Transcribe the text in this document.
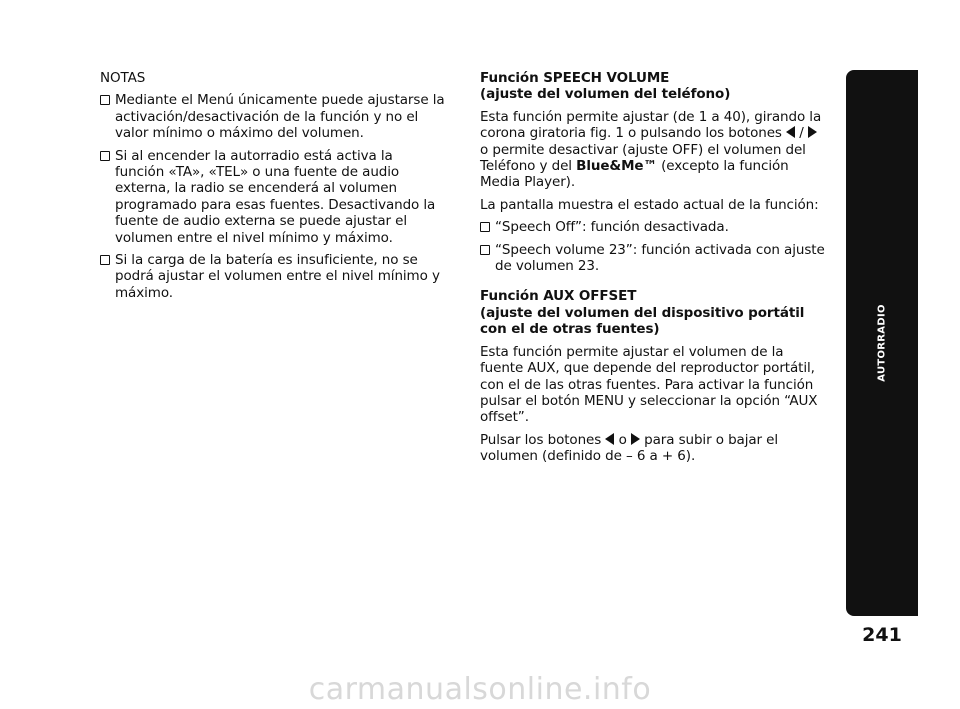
NOTAS
Mediante el Menú únicamente puede ajustarse la activación/desactivación de la función y no el valor mínimo o máximo del volumen.
Si al encender la autorradio está activa la función «TA», «TEL» o una fuente de audio externa, la radio se encenderá al volumen programado para esas fuentes. Desactivando la fuente de audio externa se puede ajustar el volumen entre el nivel mínimo y máximo.
Si la carga de la batería es insuficiente, no se podrá ajustar el volumen entre el nivel mínimo y máximo.
Función SPEECH VOLUME
(ajuste del volumen del teléfono)
Esta función permite ajustar (de 1 a 40), girando la corona giratoria fig. 1 o pulsando los botones  /  o permite desactivar (ajuste OFF) el volumen del Teléfono y del Blue&Me™ (excepto la función Media Player).
La pantalla muestra el estado actual de la función:
“Speech Off”: función desactivada.
“Speech volume 23”: función activada con ajuste de volumen 23.
Función AUX OFFSET
(ajuste del volumen del dispositivo portátil con el de otras fuentes)
Esta función permite ajustar el volumen de la fuente AUX, que depende del reproductor portátil, con el de las otras fuentes. Para activar la función pulsar el botón MENU y seleccionar la opción “AUX offset”.
Pulsar los botones  o  para subir o bajar el volumen (definido de – 6 a + 6).
AUTORRADIO
241
carmanualsonline.info
